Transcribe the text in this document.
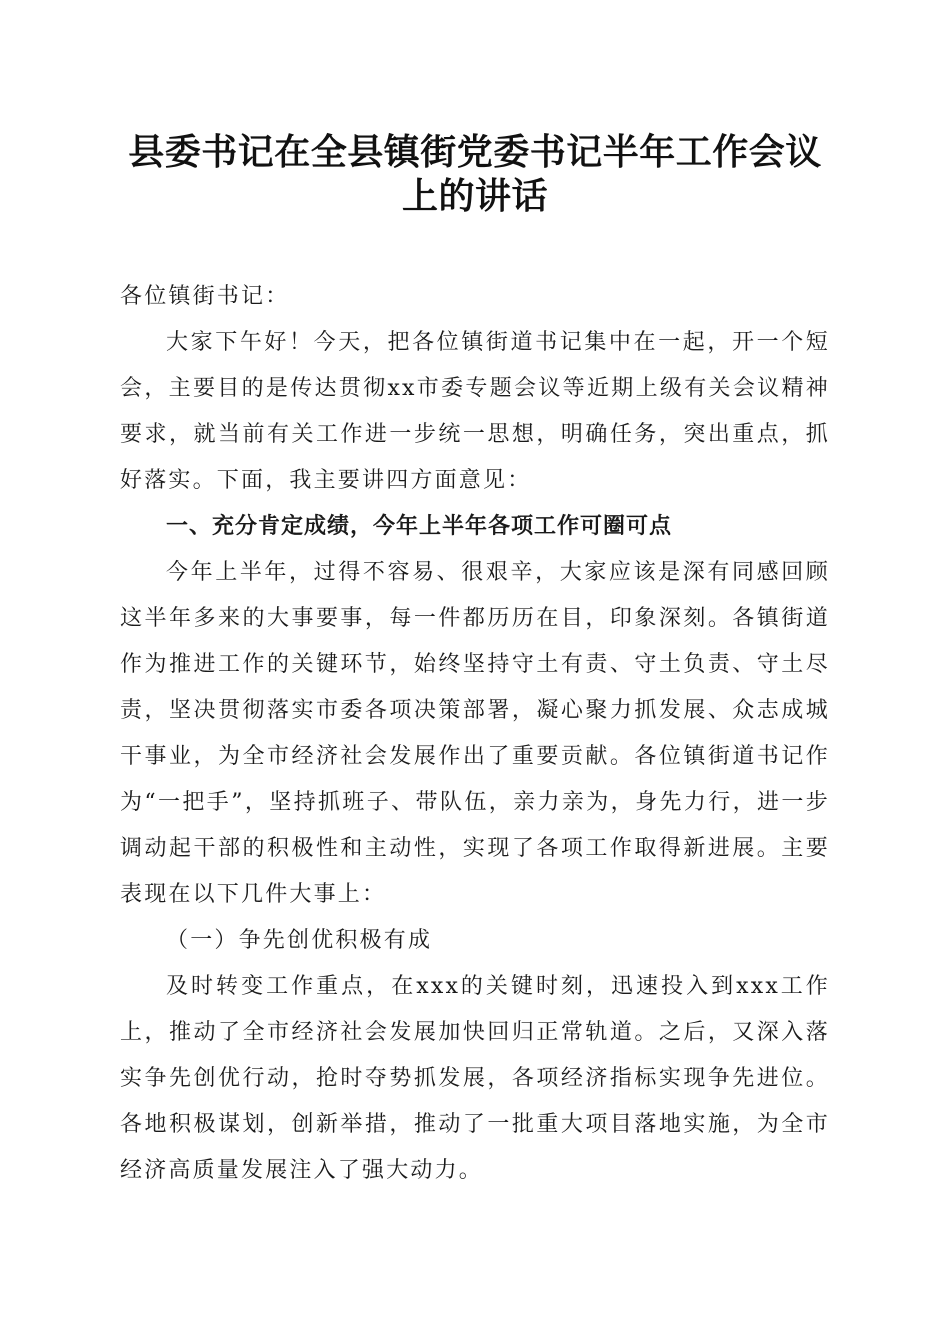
县委书记在全县镇街党委书记半年工作会议上的讲话

各位镇街书记：

大家下午好！今天，把各位镇街道书记集中在一起，开一个短会，主要目的是传达贯彻xx市委专题会议等近期上级有关会议精神要求，就当前有关工作进一步统一思想，明确任务，突出重点，抓好落实。下面，我主要讲四方面意见：

一、充分肯定成绩，今年上半年各项工作可圈可点

今年上半年，过得不容易、很艰辛，大家应该是深有同感回顾这半年多来的大事要事，每一件都历历在目，印象深刻。各镇街道作为推进工作的关键环节，始终坚持守土有责、守土负责、守土尽责，坚决贯彻落实市委各项决策部署，凝心聚力抓发展、众志成城干事业，为全市经济社会发展作出了重要贡献。各位镇街道书记作为“一把手”，坚持抓班子、带队伍，亲力亲为，身先力行，进一步调动起干部的积极性和主动性，实现了各项工作取得新进展。主要表现在以下几件大事上：

（一）争先创优积极有成

及时转变工作重点，在xxx的关键时刻，迅速投入到xxx工作上，推动了全市经济社会发展加快回归正常轨道。之后，又深入落实争先创优行动，抢时夺势抓发展，各项经济指标实现争先进位。各地积极谋划，创新举措，推动了一批重大项目落地实施，为全市经济高质量发展注入了强大动力。
